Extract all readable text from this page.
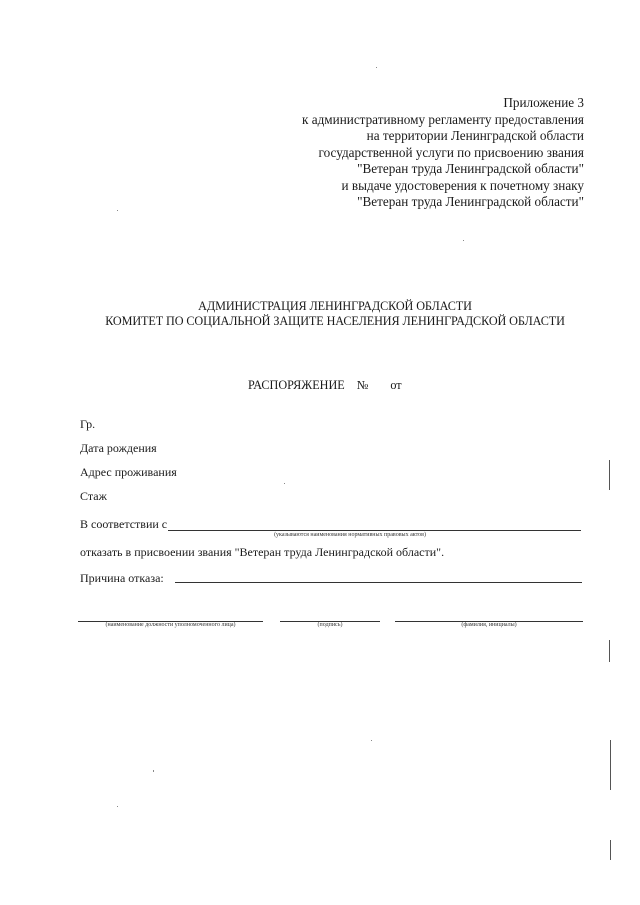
Приложение 3
к административному регламенту предоставления
на территории Ленинградской области
государственной услуги по присвоению звания
"Ветеран труда Ленинградской области"
и выдаче удостоверения к почетному знаку
"Ветеран труда Ленинградской области"
АДМИНИСТРАЦИЯ ЛЕНИНГРАДСКОЙ ОБЛАСТИ
КОМИТЕТ ПО СОЦИАЛЬНОЙ ЗАЩИТЕ НАСЕЛЕНИЯ ЛЕНИНГРАДСКОЙ ОБЛАСТИ
РАСПОРЯЖЕНИЕ № от
Гр.
Дата рождения
Адрес проживания
Стаж
В соответствии с
(указываются наименования нормативных правовых актов)
отказать в присвоении звания "Ветеран труда Ленинградской области".
Причина отказа:
(наименование должности уполномоченного лица)	(подпись)	(фамилия, инициалы)
